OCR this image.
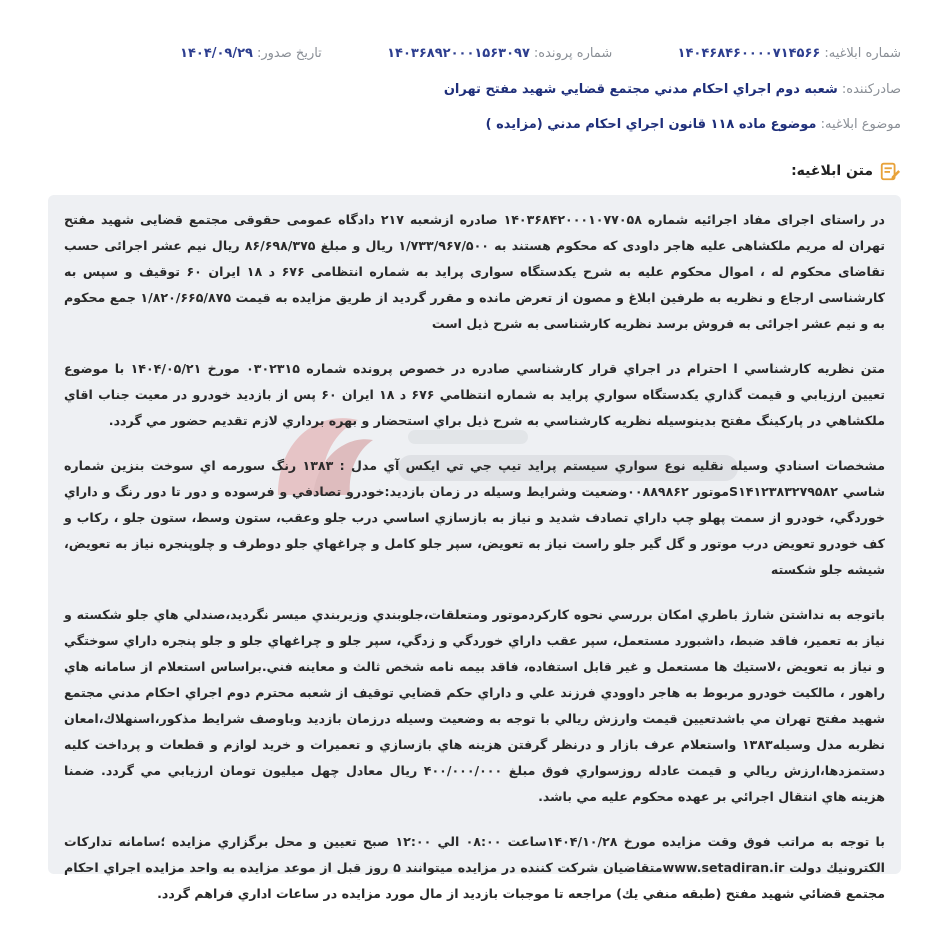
شماره ابلاغيه:
۱۴۰۴۶۸۴۶۰۰۰۰۷۱۴۵۶۶
شماره پرونده:
۱۴۰۳۶۸۹۲۰۰۰۱۵۶۳۰۹۷
تاریخ صدور:
۱۴۰۴/۰۹/۲۹
صادرکننده: شعبه دوم اجراي احكام مدني مجتمع قضايي شهيد مفتح تهران
موضوع ابلاغيه: موضوع ماده ۱۱۸ قانون اجراي احكام مدني (مزايده )
متن ابلاغيه:

در راستای اجرای مفاد اجرائیه شماره ۱۴۰۳۶۸۴۲۰۰۰۱۰۷۷۰۵۸ صادره ازشعبه ۲۱۷ دادگاه عمومی حقوقی مجتمع قضایی شهید مفتح تهران له مریم ملکشاهی علیه هاجر داودی که محکوم هستند به ۱/۷۳۳/۹۶۷/۵۰۰ ریال و مبلغ ۸۶/۶۹۸/۳۷۵ ریال نیم عشر اجرائی حسب تقاضای محکوم له ، اموال محکوم علیه به شرح یکدستگاه سواری پراید به شماره انتظامی ۶۷۶ د ۱۸ ایران ۶۰ توقیف و سپس به کارشناسی ارجاع و نظریه به طرفین ابلاغ و مصون از تعرض مانده و مقرر گردید از طریق مزایده به قیمت ۱/۸۲۰/۶۶۵/۸۷۵ جمع محکوم به و نیم عشر اجرائی به فروش برسد نظریه کارشناسی به شرح ذیل است

متن نظريه كارشناسي ا احترام در اجراي قرار كارشناسي صادره در خصوص پرونده شماره ۰۳۰۲۳۱۵ مورخ ۱۴۰۴/۰۵/۲۱ با موضوع تعيين ارزيابي و قيمت گذاري يكدستگاه سواري پرايد به شماره انتظامي ۶۷۶ د ۱۸ ايران ۶۰ پس از بازديد خودرو در معيت جناب اقاي ملكشاهي در پاركينگ مفتح بدينوسيله نظريه كارشناسي به شرح ذيل براي استحضار و بهره برداري لازم تقديم حضور مي گردد.

مشخصات اسنادي وسيله نقليه نوع سواري سيستم پرايد تيپ جي تي ايكس آي مدل : ۱۳۸۳ رنگ سورمه اي سوخت بنزين شماره شاسي S۱۴۱۲۳۸۳۲۷۹۵۸۲موتور ۰۰۸۸۹۸۶۲وضعيت وشرايط وسيله در زمان بازديد:خودرو تصادفي و فرسوده و دور تا دور رنگ و داراي خوردگي، خودرو از سمت پهلو چپ داراي تصادف شديد و نياز به بازسازي اساسي درب جلو وعقب، ستون وسط، ستون جلو ، ركاب و كف خودرو تعويض درب موتور و گل گير جلو راست نياز به تعويض، سپر جلو كامل و چراغهاي جلو دوطرف و چلوپنجره نياز به تعويض، شيشه جلو شكسته

باتوجه به نداشتن شارژ باطري امكان بررسي نحوه كاركردموتور ومتعلقات،جلوبندي وزيربندي ميسر نگرديد،صندلي هاي جلو شكسته و نياز به تعمير، فاقد ضبط، داشبورد مستعمل، سپر عقب داراي خوردگي و زدگي، سپر جلو و چراغهاي جلو و جلو پنجره داراي سوختگي و نياز به تعويض ،لاستيك ها مستعمل و غير قابل استفاده، فاقد بيمه نامه شخص ثالث و معاينه فني.براساس استعلام از سامانه هاي راهور ، مالكيت خودرو مربوط به هاجر داوودي فرزند علي و داراي حكم قضايي توقيف از شعبه محترم دوم اجراي احكام مدني مجتمع شهيد مفتح تهران مي باشدتعيين قيمت وارزش ريالي با توجه به وضعيت وسيله درزمان بازديد وباوصف شرايط مذكور،اسنهلاك،امعان نظربه مدل وسيله۱۳۸۳ واستعلام عرف بازار و درنظر گرفتن هزينه هاي بازسازي و تعميرات و خريد لوازم و قطعات و پرداخت كليه دستمزدها،ارزش ريالي و قيمت عادله روزسواري فوق مبلغ ۴۰۰/۰۰۰/۰۰۰ ريال معادل چهل ميليون تومان ارزيابي مي گردد. ضمنا هزينه هاي انتقال اجرائي بر عهده محكوم عليه مي باشد.

با توجه به مراتب فوق وقت مزايده مورخ ۱۴۰۴/۱۰/۲۸ساعت ۰۸:۰۰ الي ۱۲:۰۰ صبح تعيين و محل برگزاري مزايده ؛سامانه تداركات الكترونيك دولت www.setadiran.irمتقاضيان شركت كننده در مزايده ميتوانند ۵ روز قبل از موعد مزايده به واحد مزايده اجراي احكام مجتمع قضائي شهيد مفتح (طبقه منفي يك) مراجعه تا موجبات بازديد از مال مورد مزايده در ساعات اداري فراهم گردد.
